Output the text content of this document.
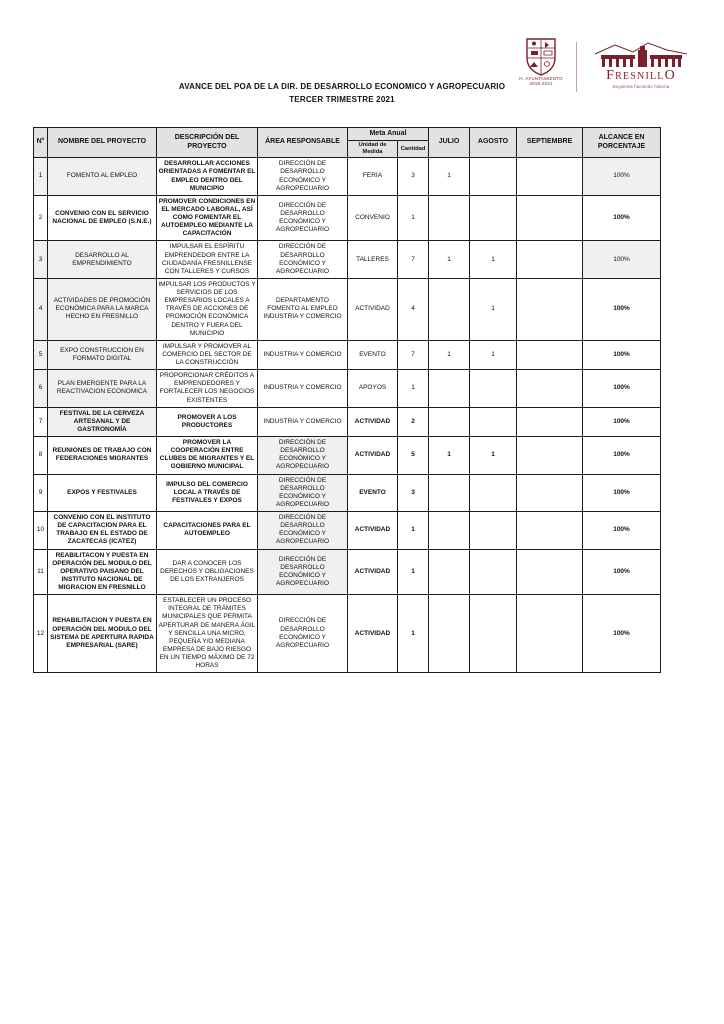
AVANCE DEL POA DE LA DIR. DE DESARROLLO ECONOMICO Y AGROPECUARIO
TERCER TRIMESTRE 2021
H. AYUNTAMIENTO
2018-2021
FresnillO
Seguimos haciendo historia
N°	NOMBRE DEL PROYECTO	DESCRIPCIÓN DEL PROYECTO	ÁREA RESPONSABLE	Meta Anual		JULIO	AGOSTO	SEPTIEMBRE	ALCANCE EN PORCENTAJE
				Unidad de Medida	Cantidad				
1	FOMENTO AL EMPLEO	DESARROLLAR ACCIONES ORIENTADAS A FOMENTAR EL EMPLEO DENTRO DEL MUNICIPIO	DIRECCIÓN DE DESARROLLO ECONÓMICO Y AGROPECUARIO	FERIA	3	1			100%
2	CONVENIO CON EL SERVICIO NACIONAL DE EMPLEO (S.N.E.)	PROMOVER CONDICIONES EN EL MERCADO LABORAL, ASÍ COMO FOMENTAR EL AUTOEMPLEO MEDIANTE LA CAPACITACIÓN	DIRECCIÓN DE DESARROLLO ECONÓMICO Y AGROPECUARIO	CONVENIO	1				100%
3	DESARROLLO AL EMPRENDIMIENTO	IMPULSAR EL ESPÍRITU EMPRENDEDOR ENTRE LA CIUDADANÍA FRESNILLENSE CON TALLERES Y CURSOS	DIRECCIÓN DE DESARROLLO ECONÓMICO Y AGROPECUARIO	TALLERES	7	1	1		100%
4	ACTIVIDADES DE PROMOCIÓN ECONÓMICA PARA LA MARCA HECHO EN FRESNILLO	IMPULSAR LOS PRODUCTOS Y SERVICIOS DE LOS EMPRESARIOS LOCALES A TRAVÉS DE ACCIONES DE PROMOCIÓN ECONÓMICA DENTRO Y FUERA DEL MUNICIPIO	DEPARTAMENTO FOMENTO AL EMPLEO INDUSTRIA Y COMERCIO	ACTIVIDAD	4		1		100%
5	EXPO CONSTRUCCION EN FORMATO DIGITAL	IMPULSAR Y PROMOVER AL COMERCIO DEL SECTOR DE LA CONSTRUCCIÓN	INDUSTRIA Y COMERCIO	EVENTO	7	1	1		100%
6	PLAN EMERGENTE PARA LA REACTIVACION ECONOMICA	PROPORCIONAR CRÉDITOS A EMPRENDEDORES Y FORTALECER LOS NEGOCIOS EXISTENTES	INDUSTRIA Y COMERCIO	APOYOS	1				100%
7	FESTIVAL DE LA CERVEZA ARTESANAL Y DE GASTRONOMÍA	PROMOVER A LOS PRODUCTORES	INDUSTRIA Y COMERCIO	ACTIVIDAD	2				100%
8	REUNIONES DE TRABAJO CON FEDERACIONES MIGRANTES	PROMOVER LA COOPERACIÓN ENTRE CLUBES DE MIGRANTES Y EL GOBIERNO MUNICIPAL	DIRECCIÓN DE DESARROLLO ECONÓMICO Y AGROPECUARIO	ACTIVIDAD	5	1	1		100%
9	EXPOS Y FESTIVALES	IMPULSO DEL COMERCIO LOCAL A TRAVÉS DE FESTIVALES Y EXPOS	DIRECCIÓN DE DESARROLLO ECONÓMICO Y AGROPECUARIO	EVENTO	3				100%
10	CONVENIO CON EL INSTITUTO DE CAPACITACION PARA EL TRABAJO EN EL ESTADO DE ZACATECAS (ICATEZ)	CAPACITACIONES PARA EL AUTOEMPLEO	DIRECCIÓN DE DESARROLLO ECONÓMICO Y AGROPECUARIO	ACTIVIDAD	1				100%
11	REABILITACON Y PUESTA EN OPERACIÓN DEL MODULO DEL OPERATIVO PAISANO DEL INSTITUTO NACIONAL DE MIGRACION EN FRESNILLO	DAR A CONOCER LOS DERECHOS Y OBLIGACIONES DE LOS EXTRANJEROS	DIRECCIÓN DE DESARROLLO ECONÓMICO Y AGROPECUARIO	ACTIVIDAD	1				100%
12	REHABILITACION Y PUESTA EN OPERACIÓN DEL MODULO DEL SISTEMA DE APERTURA RAPIDA EMPRESARIAL (SARE)	ESTABLECER UN PROCESO INTEGRAL DE TRÁMITES MUNICIPALES QUE PERMITA APERTURAR DE MANERA ÁGIL Y SENCILLA UNA MICRO, PEQUEÑA Y/O MEDIANA EMPRESA DE BAJO RIESGO EN UN TIEMPO MÁXIMO DE 72 HORAS	DIRECCIÓN DE DESARROLLO ECONÓMICO Y AGROPECUARIO	ACTIVIDAD	1				100%
